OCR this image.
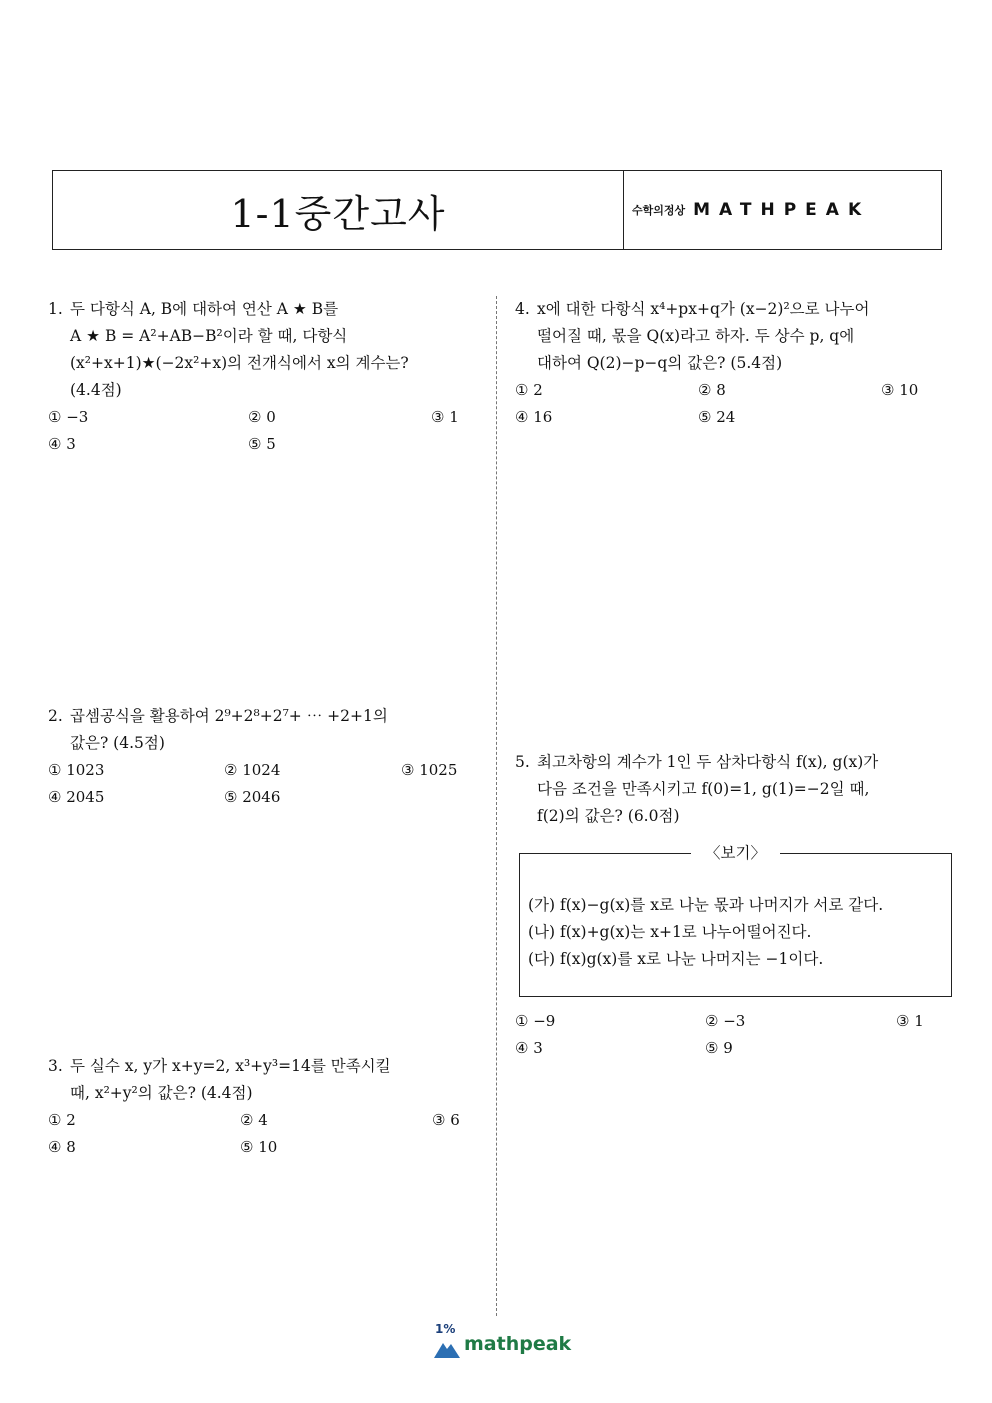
1-1중간고사	수학의정상 MATHPEAK
1. 두 다항식 A, B에 대하여 연산 A ★ B를
A ★ B = A²+AB−B²이라 할 때, 다항식
(x²+x+1)★(−2x²+x)의 전개식에서 x의 계수는?
(4.4점)
① −3	② 0	③ 1
④ 3	⑤ 5
2. 곱셈공식을 활용하여 2⁹+2⁸+2⁷+ ⋯ +2+1의
값은? (4.5점)
① 1023	② 1024	③ 1025
④ 2045	⑤ 2046
3. 두 실수 x, y가 x+y=2, x³+y³=14를 만족시킬
때, x²+y²의 값은? (4.4점)
① 2	② 4	③ 6
④ 8	⑤ 10
4. x에 대한 다항식 x⁴+px+q가 (x−2)²으로 나누어
떨어질 때, 몫을 Q(x)라고 하자. 두 상수 p, q에
대하여 Q(2)−p−q의 값은? (5.4점)
① 2	② 8	③ 10
④ 16	⑤ 24
5. 최고차항의 계수가 1인 두 삼차다항식 f(x), g(x)가
다음 조건을 만족시키고 f(0)=1, g(1)=−2일 때,
f(2)의 값은? (6.0점)
〈보기〉
(가) f(x)−g(x)를 x로 나눈 몫과 나머지가 서로 같다.
(나) f(x)+g(x)는 x+1로 나누어떨어진다.
(다) f(x)g(x)를 x로 나눈 나머지는 −1이다.
① −9	② −3	③ 1
④ 3	⑤ 9
1%
mathpeak
